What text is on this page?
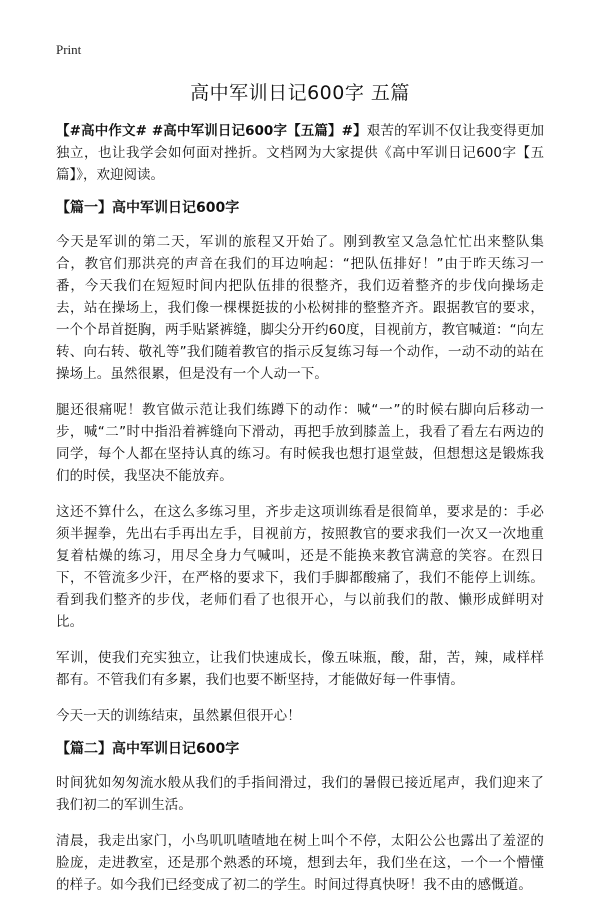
Print
高中军训日记600字 五篇

【#高中作文# #高中军训日记600字【五篇】#】艰苦的军训不仅让我变得更加独立，也让我学会如何面对挫折。文档网为大家提供《高中军训日记600字【五篇】》，欢迎阅读。

【篇一】高中军训日记600字

今天是军训的第二天，军训的旅程又开始了。刚到教室又急急忙忙出来整队集合，教官们那洪亮的声音在我们的耳边响起：“把队伍排好！”由于昨天练习一番，今天我们在短短时间内把队伍排的很整齐，我们迈着整齐的步伐向操场走去，站在操场上，我们像一棵棵挺拔的小松树排的整整齐齐。跟据教官的要求，一个个昂首挺胸，两手贴紧裤缝，脚尖分开约60度，目视前方，教官喊道：“向左转、向右转、敬礼等”我们随着教官的指示反复练习每一个动作，一动不动的站在操场上。虽然很累，但是没有一个人动一下。

腿还很痛呢！教官做示范让我们练蹲下的动作：喊“一”的时候右脚向后移动一步，喊“二”时中指沿着裤缝向下滑动，再把手放到膝盖上，我看了看左右两边的同学，每个人都在坚持认真的练习。有时候我也想打退堂鼓，但想想这是锻炼我们的时侯，我坚决不能放弃。

这还不算什么，在这么多练习里，齐步走这项训练看是很简单，要求是的：手必须半握拳，先出右手再出左手，目视前方，按照教官的要求我们一次又一次地重复着枯燥的练习，用尽全身力气喊叫，还是不能换来教官满意的笑容。在烈日下，不管流多少汗，在严格的要求下，我们手脚都酸痛了，我们不能停上训练。看到我们整齐的步伐，老师们看了也很开心，与以前我们的散、懒形成鲜明对比。

军训，使我们充实独立，让我们快速成长，像五味瓶，酸，甜，苦，辣，咸样样都有。不管我们有多累，我们也要不断坚持，才能做好每一件事情。

今天一天的训练结束，虽然累但很开心！

【篇二】高中军训日记600字

时间犹如匆匆流水般从我们的手指间滑过，我们的暑假已接近尾声，我们迎来了我们初二的军训生活。

清晨，我走出家门，小鸟叽叽喳喳地在树上叫个不停，太阳公公也露出了羞涩的脸庞，走进教室，还是那个熟悉的环境，想到去年，我们坐在这，一个一个懵懂的样子。如今我们已经变成了初二的学生。时间过得真快呀！我不由的感慨道。
